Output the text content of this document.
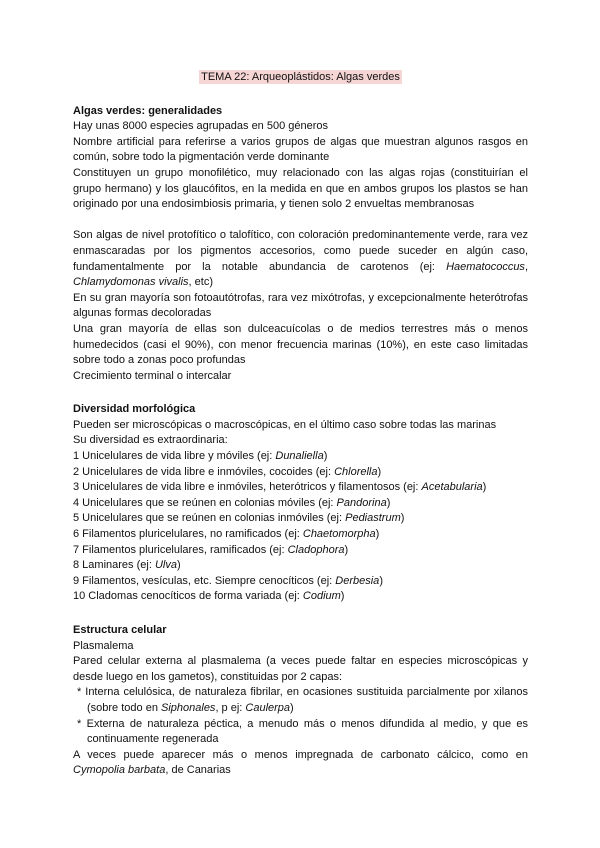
TEMA 22: Arqueoplástidos: Algas verdes
Algas verdes: generalidades
Hay unas 8000 especies agrupadas en 500 géneros
Nombre artificial para referirse a varios grupos de algas que muestran algunos rasgos en común, sobre todo la pigmentación verde dominante
Constituyen un grupo monofilético, muy relacionado con las algas rojas (constituirían el grupo hermano) y los glaucófitos, en la medida en que en ambos grupos los plastos se han originado por una endosimbiosis primaria, y tienen solo 2 envueltas membranosas
Son algas de nivel protofítico o talofítico, con coloración predominantemente verde, rara vez enmascaradas por los pigmentos accesorios, como puede suceder en algún caso, fundamentalmente por la notable abundancia de carotenos (ej: Haematococcus, Chlamydomonas vivalis, etc)
En su gran mayoría son fotoautótrofas, rara vez mixótrofas, y excepcionalmente heterótrofas algunas formas decoloradas
Una gran mayoría de ellas son dulceacuícolas o de medios terrestres más o menos humedecidos (casi el 90%), con menor frecuencia marinas (10%), en este caso limitadas sobre todo a zonas poco profundas
Crecimiento terminal o intercalar
Diversidad morfológica
Pueden ser microscópicas o macroscópicas, en el último caso sobre todas las marinas
Su diversidad es extraordinaria:
1 Unicelulares de vida libre y móviles (ej: Dunaliella)
2 Unicelulares de vida libre e inmóviles, cocoides (ej: Chlorella)
3 Unicelulares de vida libre e inmóviles, heterótricos y filamentosos (ej: Acetabularia)
4 Unicelulares que se reúnen en colonias móviles (ej: Pandorina)
5 Unicelulares que se reúnen en colonias inmóviles (ej: Pediastrum)
6 Filamentos pluricelulares, no ramificados (ej: Chaetomorpha)
7 Filamentos pluricelulares, ramificados (ej: Cladophora)
8 Laminares (ej: Ulva)
9 Filamentos, vesículas, etc. Siempre cenocíticos (ej: Derbesia)
10 Cladomas cenocíticos de forma variada (ej: Codium)
Estructura celular
Plasmalema
Pared celular externa al plasmalema (a veces puede faltar en especies microscópicas y desde luego en los gametos), constituidas por 2 capas:
* Interna celulósica, de naturaleza fibrilar, en ocasiones sustituida parcialmente por xilanos (sobre todo en Siphonales, p ej: Caulerpa)
* Externa de naturaleza péctica, a menudo más o menos difundida al medio, y que es continuamente regenerada
A veces puede aparecer más o menos impregnada de carbonato cálcico, como en Cymopolia barbata, de Canarias
